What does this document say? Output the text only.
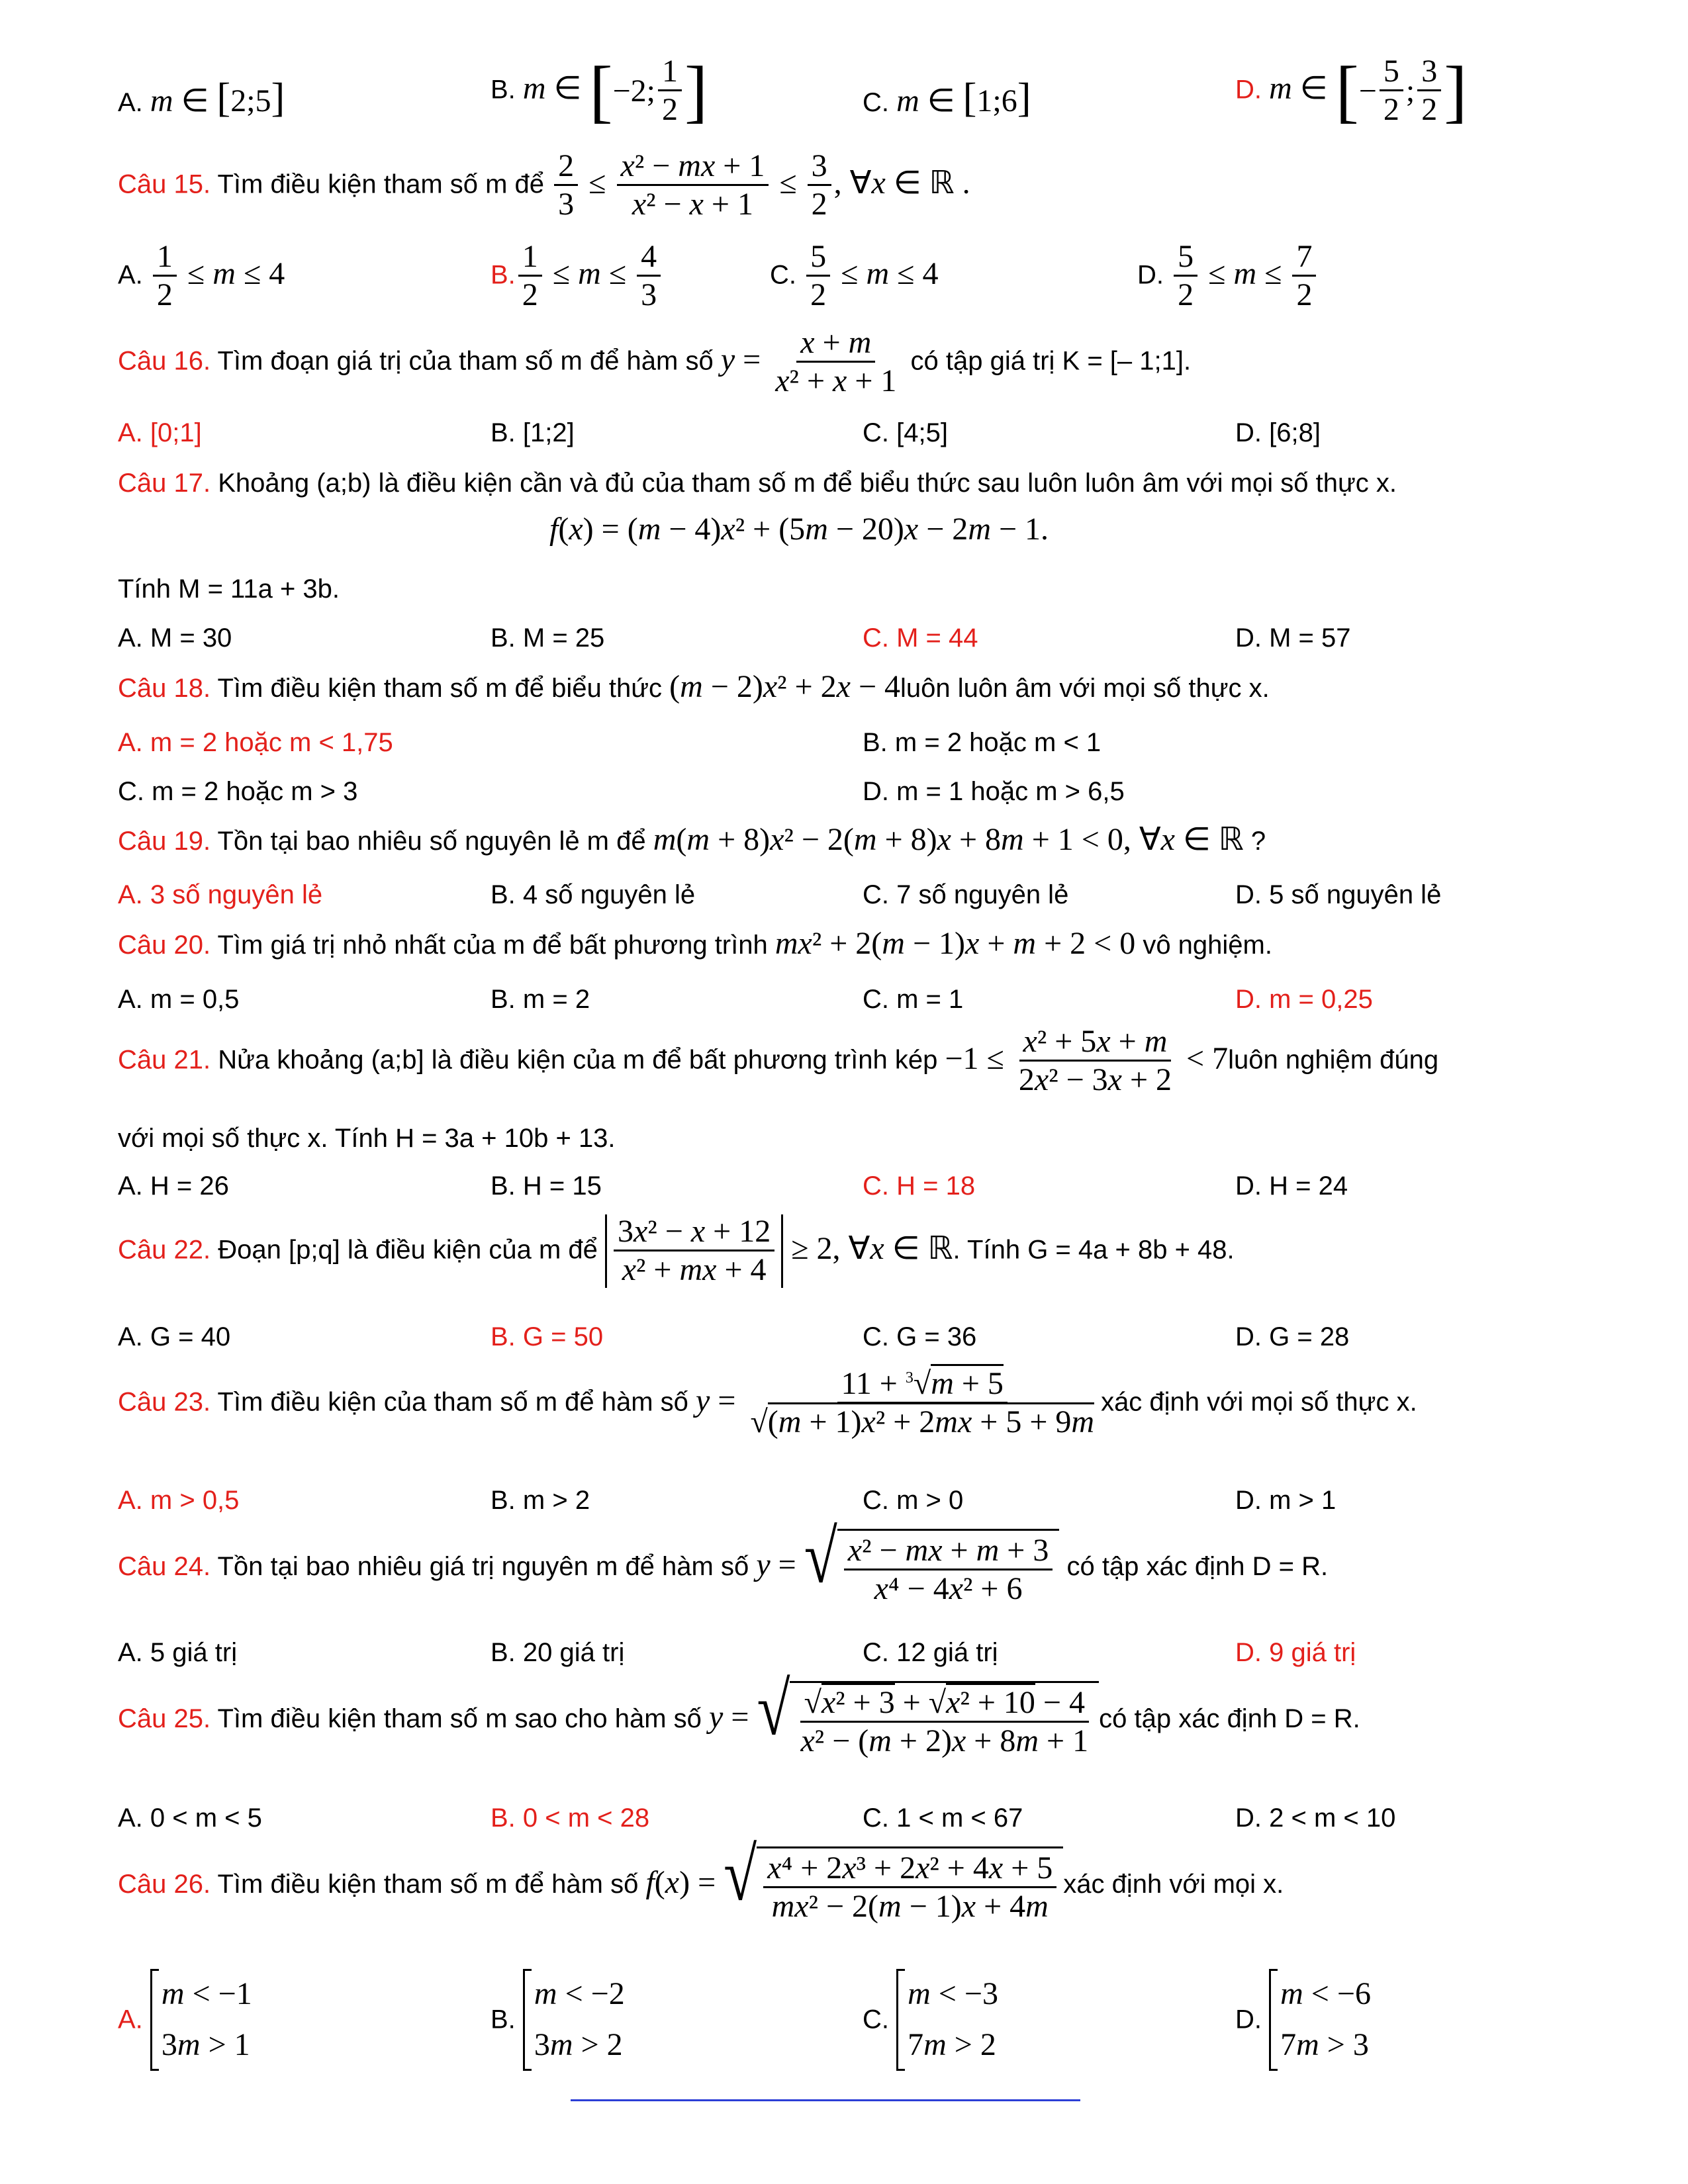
A. m ∈ [2;5]	B. m ∈ [ −2; $\frac{1}{2}$ ]	C. m ∈ [1;6]	D. m ∈ [ − $\frac{5}{2}$ ; $\frac{3}{2}$ ]
Câu 15. Tìm điều kiện tham số m để $\frac{2}{3} \le \frac{\text{x² − mx + 1}}{\text{x² − x + 1}} \le \frac{3}{2}$ , ∀x ∈ ℝ .
A. $\frac{1}{2} \le m \le 4$	B. $\frac{1}{2} \le m \le \frac{4}{3}$	C. $\frac{5}{2} \le m \le 4$	D. $\frac{5}{2} \le m \le \frac{7}{2}$
Câu 16. Tìm đoạn giá trị của tham số m để hàm số $y = \frac{x + m}{\text{x² + x + 1}}$ có tập giá trị K = [– 1;1].
A. [0;1]	B. [1;2]	C. [4;5]	D. [6;8]
Câu 17. Khoảng (a;b) là điều kiện cần và đủ của tham số m để biểu thức sau luôn luôn âm với mọi số thực x.
f(x) = (m − 4)x² + (5m − 20)x − 2m − 1.
Tính M = 11a + 3b.
A. M = 30	B. M = 25	C. M = 44	D. M = 57
Câu 18. Tìm điều kiện tham số m để biểu thức (m − 2)x² + 2x − 4luôn luôn âm với mọi số thực x.
A. m = 2 hoặc m < 1,75	B. m = 2 hoặc m < 1
C. m = 2 hoặc m > 3	D. m = 1 hoặc m > 6,5
Câu 19. Tồn tại bao nhiêu số nguyên lẻ m để m(m + 8)x² − 2(m + 8)x + 8m + 1 < 0, ∀x ∈ ℝ ?
A. 3 số nguyên lẻ	B. 4 số nguyên lẻ	C. 7 số nguyên lẻ	D. 5 số nguyên lẻ
Câu 20. Tìm giá trị nhỏ nhất của m để bất phương trình mx² + 2(m − 1)x + m + 2 < 0 vô nghiệm.
A. m = 0,5	B. m = 2	C. m = 1	D. m = 0,25
Câu 21. Nửa khoảng (a;b] là điều kiện của m để bất phương trình kép $-1 \le \frac{\text{x² + 5x + m}}{\text{2x² − 3x + 2}}$ < 7luôn nghiệm đúng
với mọi số thực x. Tính H = 3a + 10b + 13.
A. H = 26	B. H = 15	C. H = 18	D. H = 24
Câu 22. Đoạn [p;q] là điều kiện của m để $\frac{\text{3x² − x + 12}}{\text{x² + mx + 4}} \ge 2$, ∀x ∈ ℝ. Tính G = 4a + 8b + 48.
A. G = 40	B. G = 50	C. G = 36	D. G = 28
Câu 23. Tìm điều kiện của tham số m để hàm số $y = \frac{11 + ^3√m + 5}{\text{√(m + 1)x² + 2mx + 5 + 9m}}$ xác định với mọi số thực x.
A. m > 0,5	B. m > 2	C. m > 0	D. m > 1
Câu 24. Tồn tại bao nhiêu giá trị nguyên m để hàm số y = √ $\frac{\text{x² − mx + m + 3}}{\text{x⁴ − 4x² + 6}}$ có tập xác định D = R.
A. 5 giá trị	B. 20 giá trị	C. 12 giá trị	D. 9 giá trị
Câu 25. Tìm điều kiện tham số m sao cho hàm số y = √ $\frac{\text{√x² + 3 + √x² + 10 − 4}}{\text{x² − (m + 2)x + 8m + 1}}$ có tập xác định D = R.
A. 0 < m < 5	B. 0 < m < 28	C. 1 < m < 67	D. 2 < m < 10
Câu 26. Tìm điều kiện tham số m để hàm số f(x) = √ $\frac{\text{x⁴ + 2x³ + 2x² + 4x + 5}}{\text{mx² − 2(m − 1)x + 4m}}$ xác định với mọi x.
A.
m < −1
3m > 1
B.
m < −2
3m > 2
C.
m < −3
7m > 2
D.
m < −6
7m > 3
